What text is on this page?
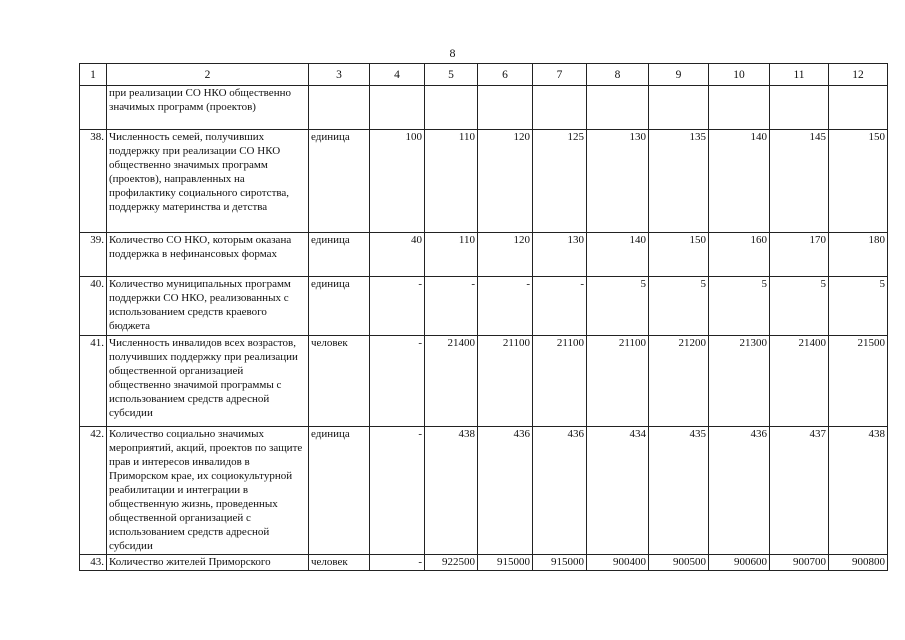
8
1	2	3	4	5	6	7	8	9	10	11	12
	при реализации СО НКО общественно значимых программ (проектов)										
38.	Численность семей, получивших поддержку при реализации СО НКО общественно значимых программ (проектов), направленных на профилактику социального сиротства, поддержку материнства и детства	единица	100	110	120	125	130	135	140	145	150
39.	Количество СО НКО, которым оказана поддержка в нефинансовых формах	единица	40	110	120	130	140	150	160	170	180
40.	Количество муниципальных программ поддержки СО НКО, реализованных с использованием средств краевого бюджета	единица	-	-	-	-	5	5	5	5	5
41.	Численность инвалидов всех возрастов, получивших поддержку при реализации общественной организацией общественно значимой программы с использованием средств адресной субсидии	человек	-	21400	21100	21100	21100	21200	21300	21400	21500
42.	Количество социально значимых мероприятий, акций, проектов по защите прав и интересов инвалидов в Приморском крае, их социокультурной реабилитации и интеграции в общественную жизнь, проведенных общественной организацией с использованием средств адресной субсидии	единица	-	438	436	436	434	435	436	437	438
43.	Количество жителей Приморского	человек	-	922500	915000	915000	900400	900500	900600	900700	900800
